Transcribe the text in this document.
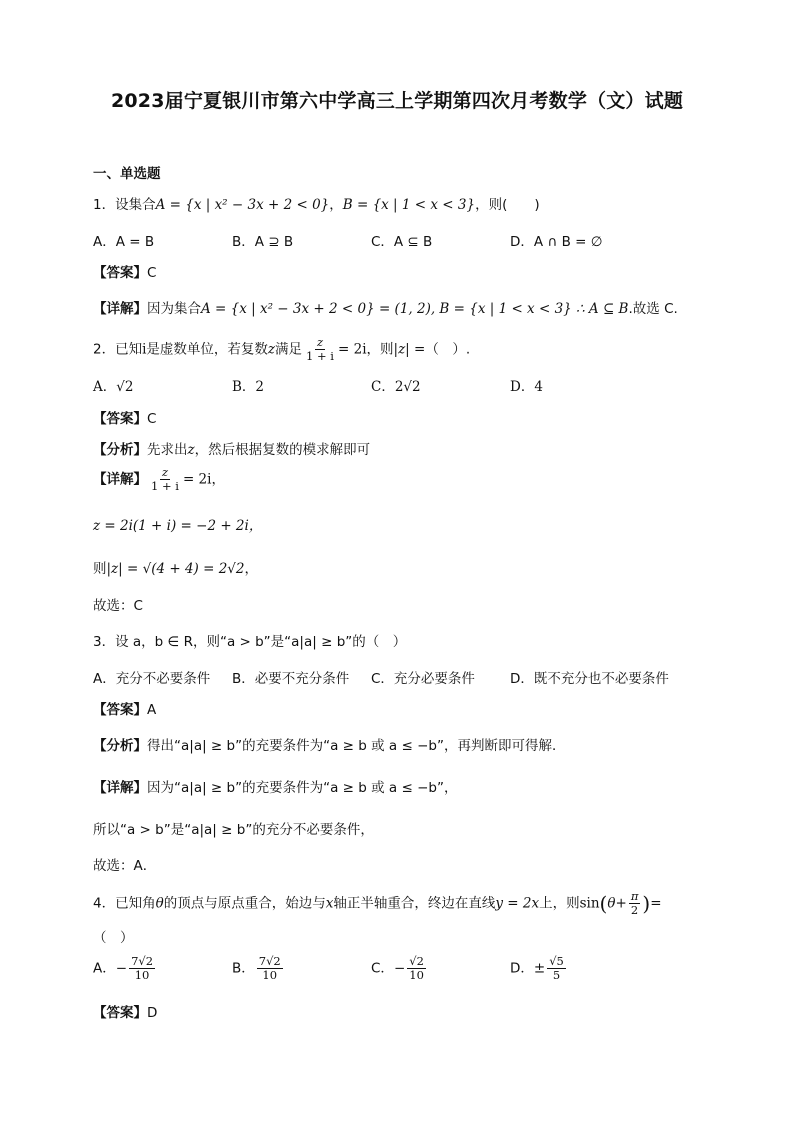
2023届宁夏银川市第六中学高三上学期第四次月考数学（文）试题
一、单选题
1．设集合A = {x | x² − 3x + 2 < 0}，B = {x | 1 < x < 3}，则(　　)
A．A = B	B．A ⊇ B	C．A ⊆ B	D．A ∩ B = ∅
【答案】C
【详解】因为集合A = {x | x² − 3x + 2 < 0} = (1, 2), B = {x | 1 < x < 3} ∴ A ⊆ B.故选 C.
2．已知i是虚数单位，若复数z满足 $\frac{z}{1 + i} = 2i$，则|z| =（　）.
A．√2	B．2	C．2√2	D．4
【答案】C
【分析】先求出z，然后根据复数的模求解即可
【详解】 $\frac{z}{1 + i} = 2i$，
z = 2i(1 + i) = −2 + 2i，
则|z| = √(4 + 4) = 2√2，
故选：C
3．设 a，b ∈ R，则“a > b”是“a|a| ≥ b”的（　）
A．充分不必要条件 B．必要不充分条件 C．充分必要条件	D．既不充分也不必要条件
【答案】A
【分析】得出“a|a| ≥ b”的充要条件为“a ≥ b 或 a ≤ −b”，再判断即可得解．
【详解】因为“a|a| ≥ b”的充要条件为“a ≥ b 或 a ≤ −b”，
所以“a > b”是“a|a| ≥ b”的充分不必要条件，
故选：A．
4．已知角θ的顶点与原点重合，始边与x轴正半轴重合，终边在直线y = 2x上，则$\sin(\theta+ \frac{\pi}{2}$ )=
（　）
A．− $\frac{7√2}{10}$	B． $\frac{7√2}{10}$	C．− $\frac{√2}{10}$	D．± $\frac{√5}{5}$
【答案】D
